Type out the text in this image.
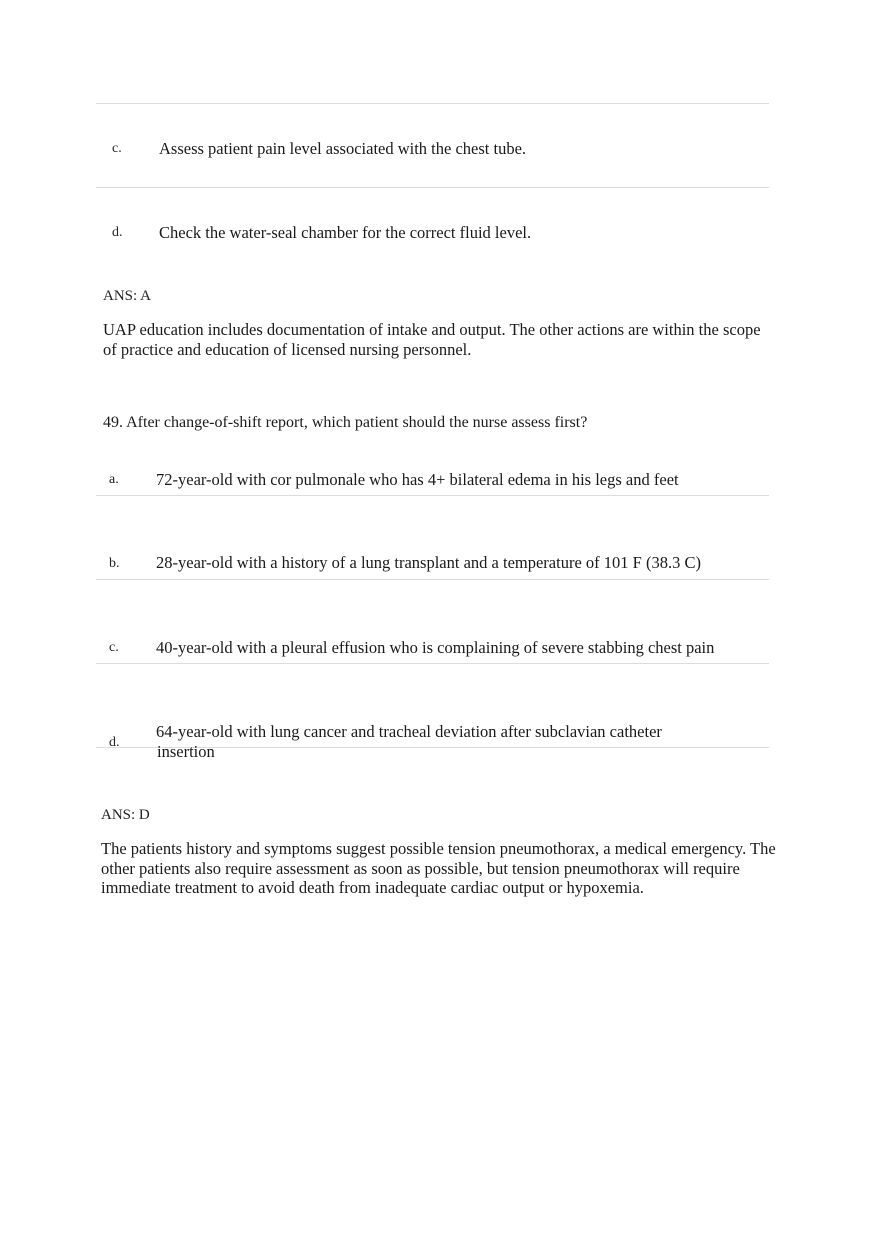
c. Assess patient pain level associated with the chest tube.
d. Check the water-seal chamber for the correct fluid level.
ANS: A
UAP education includes documentation of intake and output. The other actions are within the scope of practice and education of licensed nursing personnel.
49. After change-of-shift report, which patient should the nurse assess first?
a. 72-year-old with cor pulmonale who has 4+ bilateral edema in his legs and feet
b. 28-year-old with a history of a lung transplant and a temperature of 101 F (38.3 C)
c. 40-year-old with a pleural effusion who is complaining of severe stabbing chest pain
d.
64-year-old with lung cancer and tracheal deviation after subclavian catheter
insertion
ANS: D
The patients history and symptoms suggest possible tension pneumothorax, a medical emergency. The other patients also require assessment as soon as possible, but tension pneumothorax will require immediate treatment to avoid death from inadequate cardiac output or hypoxemia.
